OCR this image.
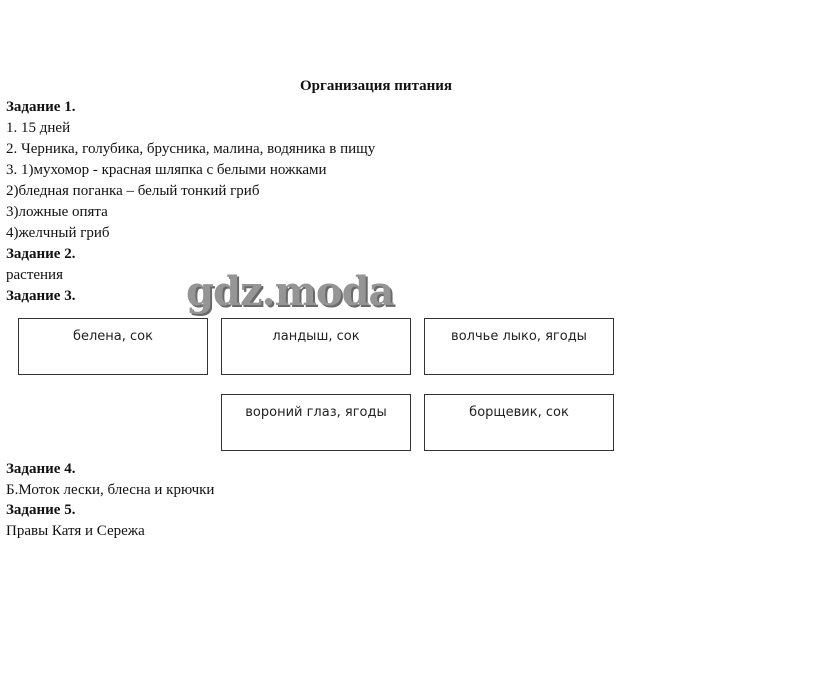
Организация питания
Задание 1.
1. 15 дней
2. Черника, голубика, брусника, малина, водяника в пищу
3. 1)мухомор - красная шляпка с белыми ножками
2)бледная поганка – белый тонкий гриб
3)ложные опята
4)желчный гриб
Задание 2.
растения
Задание 3.
белена, сок	ландыш, сок	волчье лыко, ягоды
вороний глаз, ягоды	борщевик, сок
gdz.moda
Задание 4.
Б.Моток лески, блесна и крючки
Задание 5.
Правы Катя и Сережа
